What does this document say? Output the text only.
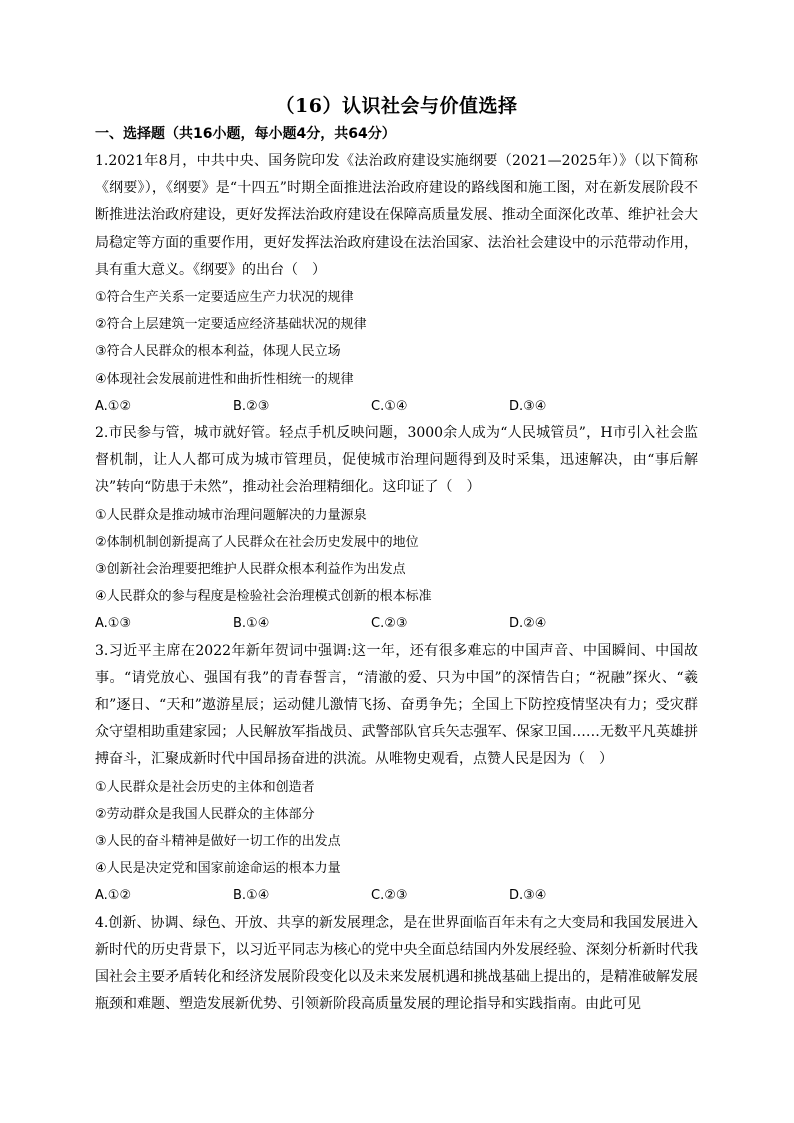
（16）认识社会与价值选择
一、选择题（共16小题，每小题4分，共64分）

1.2021年8月，中共中央、国务院印发《法治政府建设实施纲要（2021—2025年）》（以下简称《纲要》），《纲要》是“十四五”时期全面推进法治政府建设的路线图和施工图，对在新发展阶段不断推进法治政府建设，更好发挥法治政府建设在保障高质量发展、推动全面深化改革、维护社会大局稳定等方面的重要作用，更好发挥法治政府建设在法治国家、法治社会建设中的示范带动作用，具有重大意义。《纲要》的出台（　）

①符合生产关系一定要适应生产力状况的规律

②符合上层建筑一定要适应经济基础状况的规律

③符合人民群众的根本利益，体现人民立场

④体现社会发展前进性和曲折性相统一的规律

A.①②	B.②③	C.①④	D.③④

2.市民参与管，城市就好管。轻点手机反映问题，3000余人成为“人民城管员”，H市引入社会监督机制，让人人都可成为城市管理员，促使城市治理问题得到及时采集，迅速解决，由“事后解决”转向“防患于未然”，推动社会治理精细化。这印证了（　）

①人民群众是推动城市治理问题解决的力量源泉

②体制机制创新提高了人民群众在社会历史发展中的地位

③创新社会治理要把维护人民群众根本利益作为出发点

④人民群众的参与程度是检验社会治理模式创新的根本标准

A.①③	B.①④	C.②③	D.②④

3.习近平主席在2022年新年贺词中强调:这一年，还有很多难忘的中国声音、中国瞬间、中国故事。“请党放心、强国有我”的青春誓言，“清澈的爱、只为中国”的深情告白；“祝融”探火、“羲和”逐日、“天和”遨游星辰；运动健儿激情飞扬、奋勇争先；全国上下防控疫情坚决有力；受灾群众守望相助重建家园；人民解放军指战员、武警部队官兵矢志强军、保家卫国……无数平凡英雄拼搏奋斗，汇聚成新时代中国昂扬奋进的洪流。从唯物史观看，点赞人民是因为（　）

①人民群众是社会历史的主体和创造者

②劳动群众是我国人民群众的主体部分

③人民的奋斗精神是做好一切工作的出发点

④人民是决定党和国家前途命运的根本力量

A.①②	B.①④	C.②③	D.③④

4.创新、协调、绿色、开放、共享的新发展理念，是在世界面临百年未有之大变局和我国发展进入新时代的历史背景下，以习近平同志为核心的党中央全面总结国内外发展经验、深刻分析新时代我国社会主要矛盾转化和经济发展阶段变化以及未来发展机遇和挑战基础上提出的，是精准破解发展瓶颈和难题、塑造发展新优势、引领新阶段高质量发展的理论指导和实践指南。由此可见
